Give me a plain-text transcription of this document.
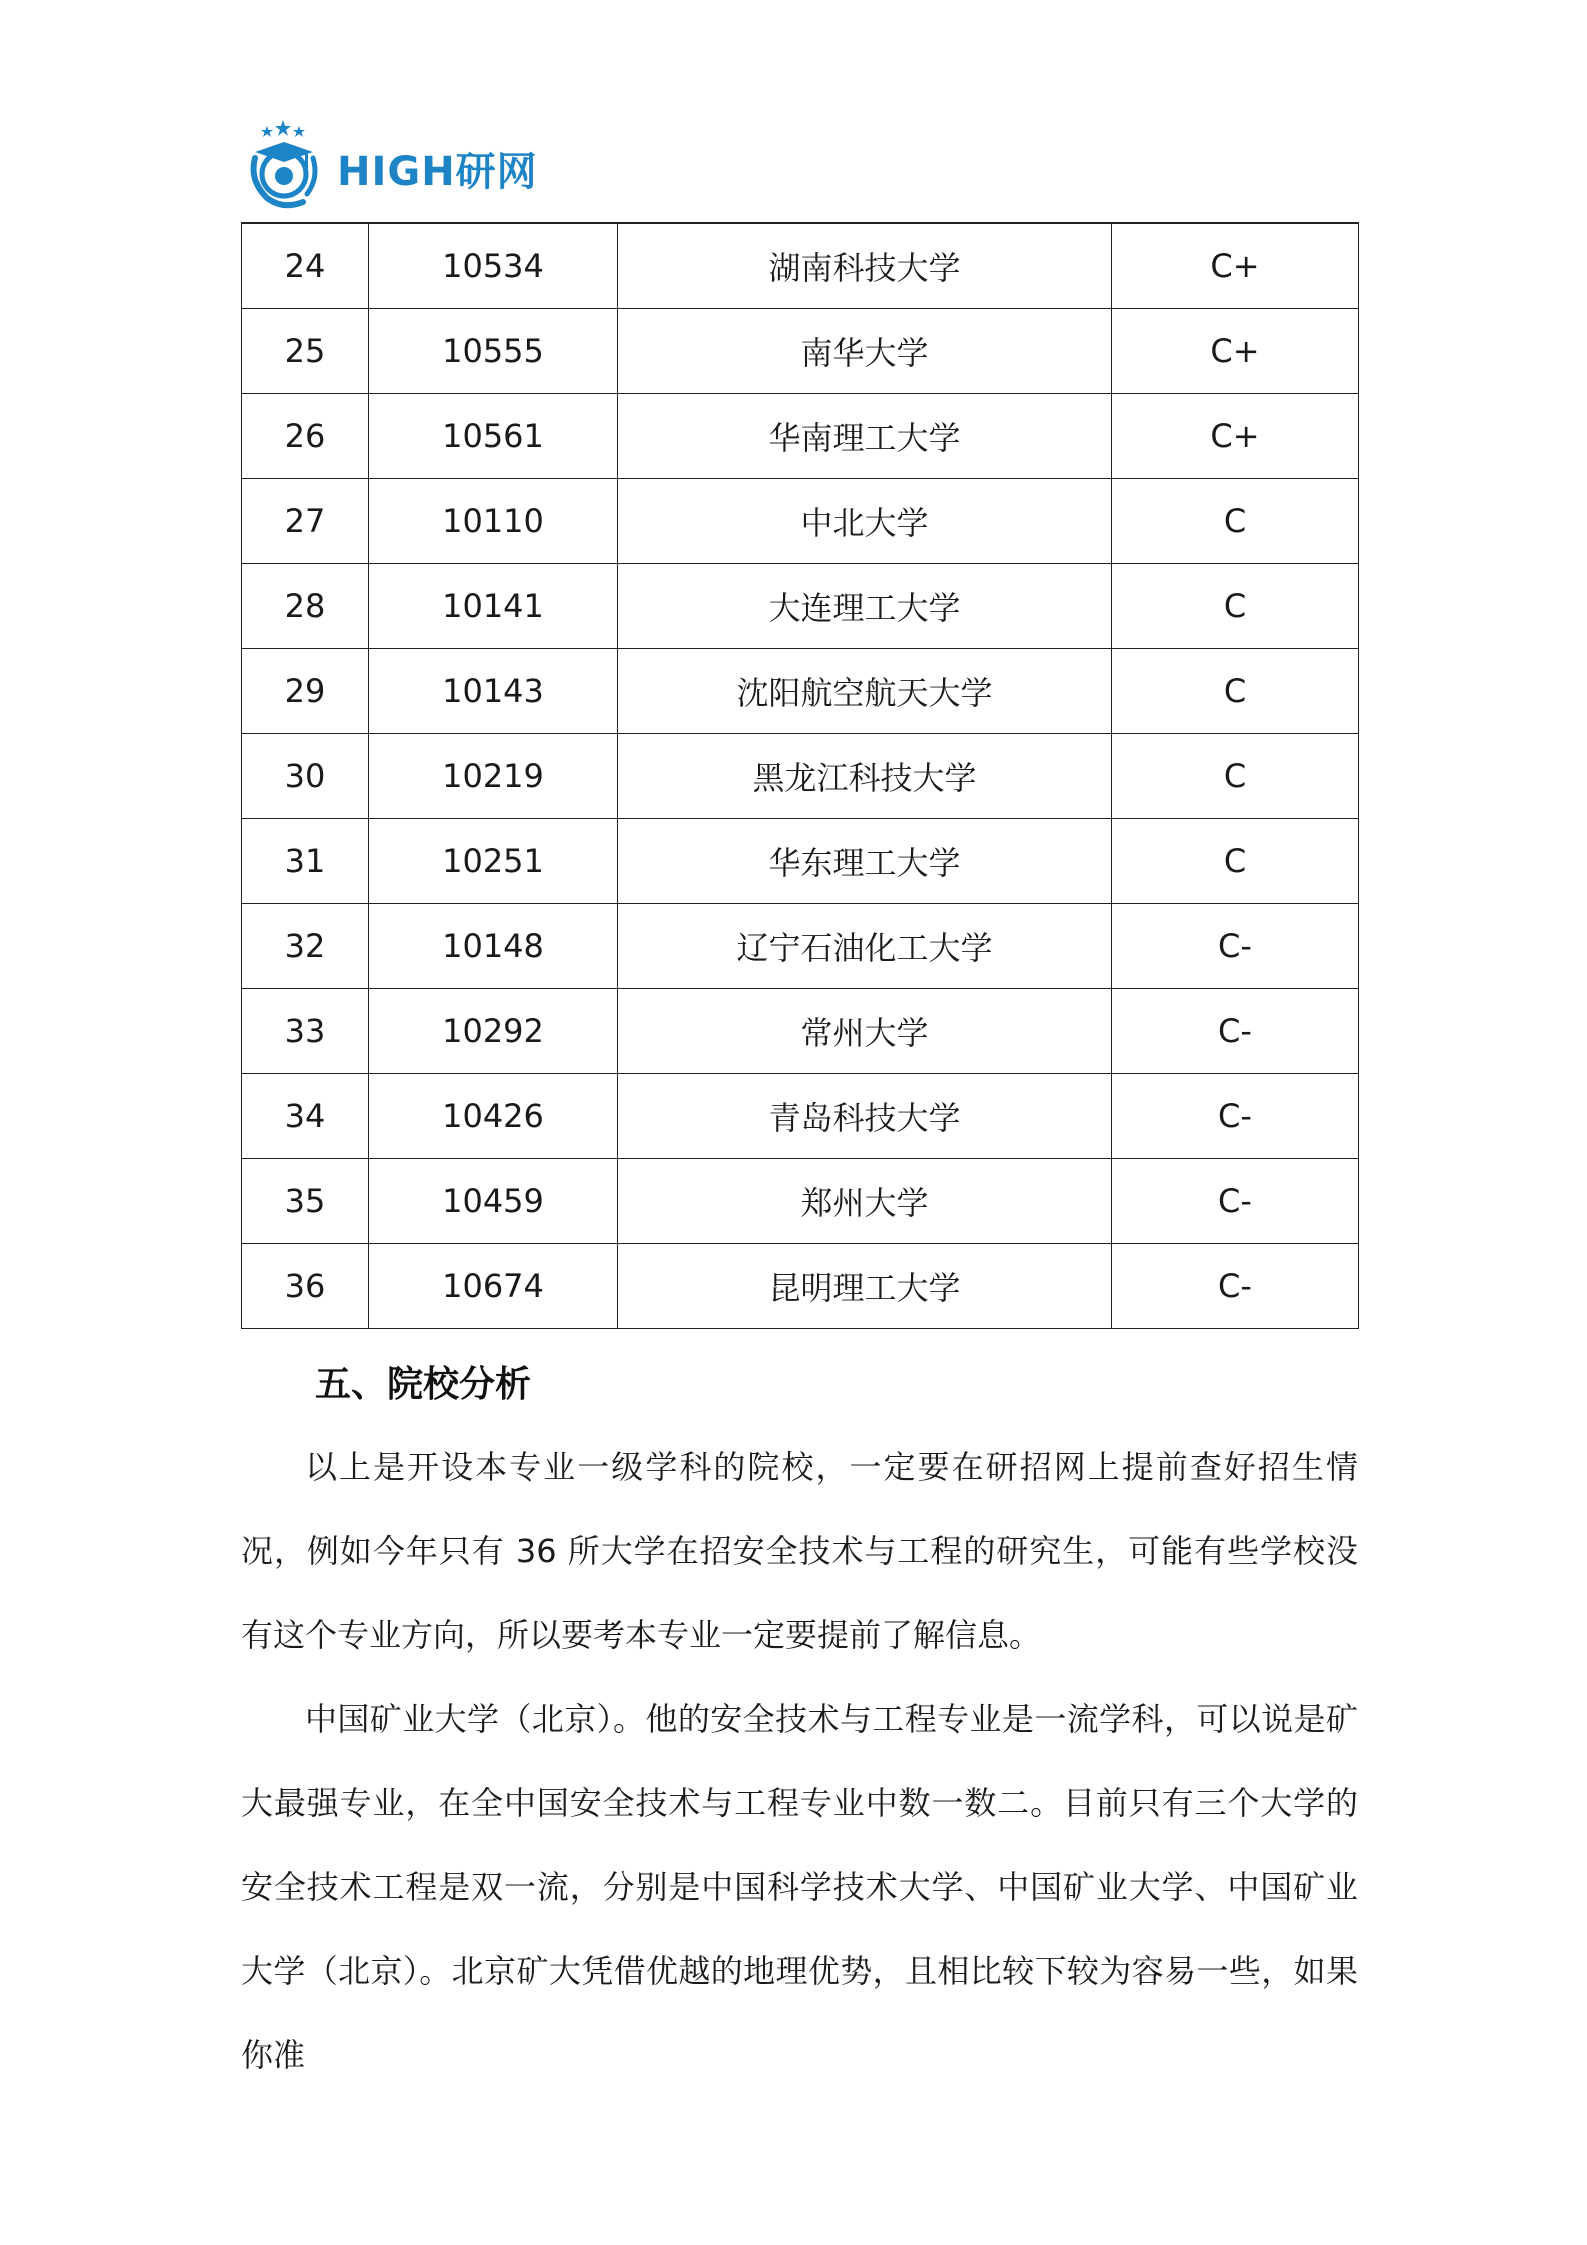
HIGH研网
24	10534	湖南科技大学	C+
25	10555	南华大学	C+
26	10561	华南理工大学	C+
27	10110	中北大学	C
28	10141	大连理工大学	C
29	10143	沈阳航空航天大学	C
30	10219	黑龙江科技大学	C
31	10251	华东理工大学	C
32	10148	辽宁石油化工大学	C-
33	10292	常州大学	C-
34	10426	青岛科技大学	C-
35	10459	郑州大学	C-
36	10674	昆明理工大学	C-
五、院校分析
以上是开设本专业一级学科的院校，一定要在研招网上提前查好招生情况，例如今年只有 36 所大学在招安全技术与工程的研究生，可能有些学校没有这个专业方向，所以要考本专业一定要提前了解信息。
中国矿业大学（北京）。他的安全技术与工程专业是一流学科，可以说是矿大最强专业，在全中国安全技术与工程专业中数一数二。目前只有三个大学的安全技术工程是双一流，分别是中国科学技术大学、中国矿业大学、中国矿业大学（北京）。北京矿大凭借优越的地理优势，且相比较下较为容易一些，如果你准
